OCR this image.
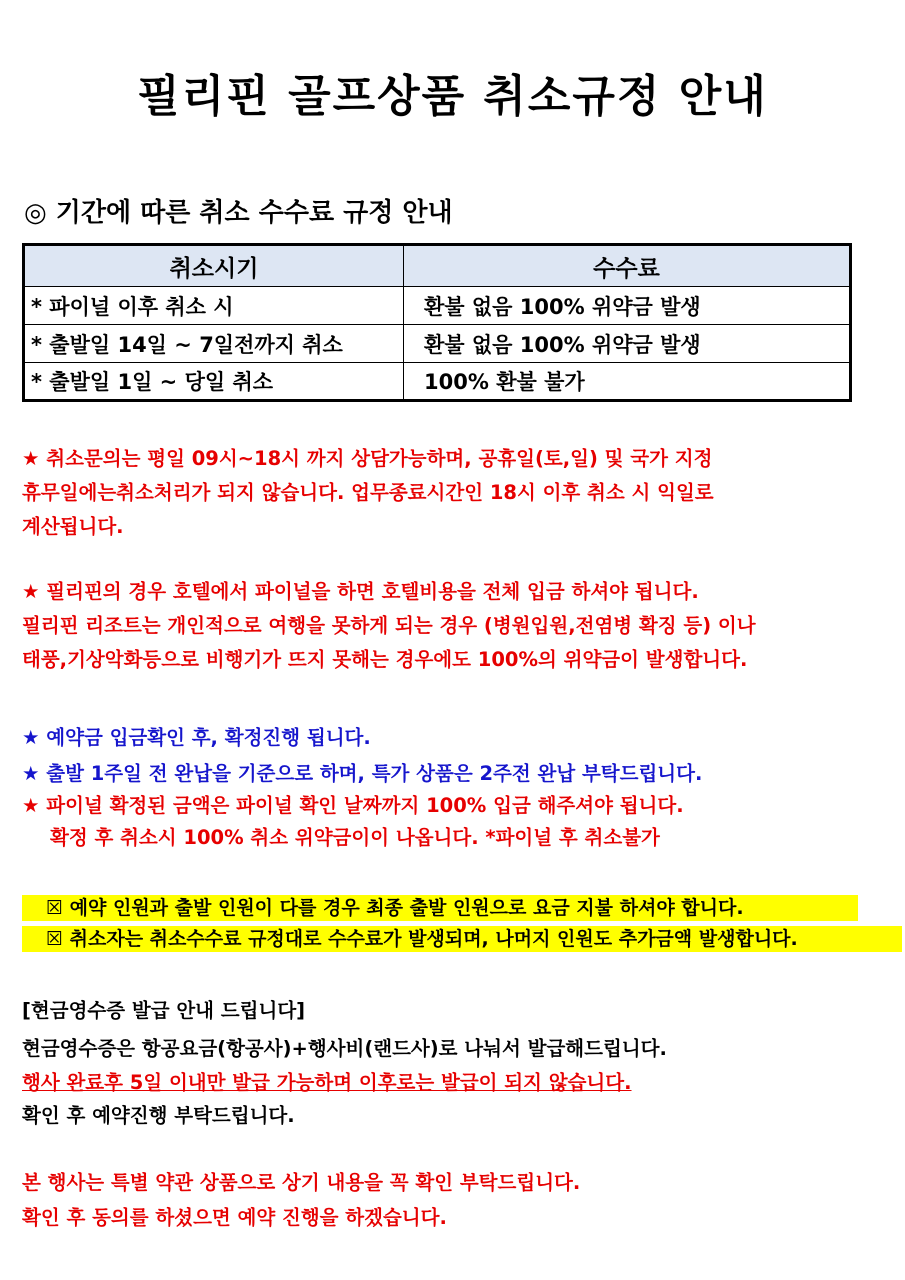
필리핀 골프상품 취소규정 안내
◎ 기간에 따른 취소 수수료 규정 안내
취소시기	수수료
* 파이널 이후 취소 시	환불 없음 100% 위약금 발생
* 출발일 14일 ~ 7일전까지 취소	환불 없음 100% 위약금 발생
* 출발일 1일 ~ 당일 취소	100% 환불 불가
★ 취소문의는 평일 09시~18시 까지 상담가능하며, 공휴일(토,일) 및 국가 지정
휴무일에는취소처리가 되지 않습니다. 업무종료시간인 18시 이후 취소 시 익일로
계산됩니다.
★ 필리핀의 경우 호텔에서 파이널을 하면 호텔비용을 전체 입금 하셔야 됩니다.
필리핀 리조트는 개인적으로 여행을 못하게 되는 경우 (병원입원,전염병 확징 등) 이나
태풍,기상악화등으로 비행기가 뜨지 못해는 경우에도 100%의 위약금이 발생합니다.
★ 예약금 입금확인 후, 확정진행 됩니다.
★ 출발 1주일 전 완납을 기준으로 하며, 특가 상품은 2주전 완납 부탁드립니다.
★ 파이널 확정된 금액은 파이널 확인 날짜까지 100% 입금 해주셔야 됩니다.
확정 후 취소시 100% 취소 위약금이이 나옵니다. *파이널 후 취소불가
☒ 예약 인원과 출발 인원이 다를 경우 최종 출발 인원으로 요금 지불 하셔야 합니다.
☒ 취소자는 취소수수료 규정대로 수수료가 발생되며, 나머지 인원도 추가금액 발생합니다.
[현금영수증 발급 안내 드립니다]
현금영수증은 항공요금(항공사)+행사비(랜드사)로 나눠서 발급해드립니다.
행사 완료후 5일 이내만 발급 가능하며 이후로는 발급이 되지 않습니다.
확인 후 예약진행 부탁드립니다.
본 행사는 특별 약관 상품으로 상기 내용을 꼭 확인 부탁드립니다.
확인 후 동의를 하셨으면 예약 진행을 하겠습니다.
